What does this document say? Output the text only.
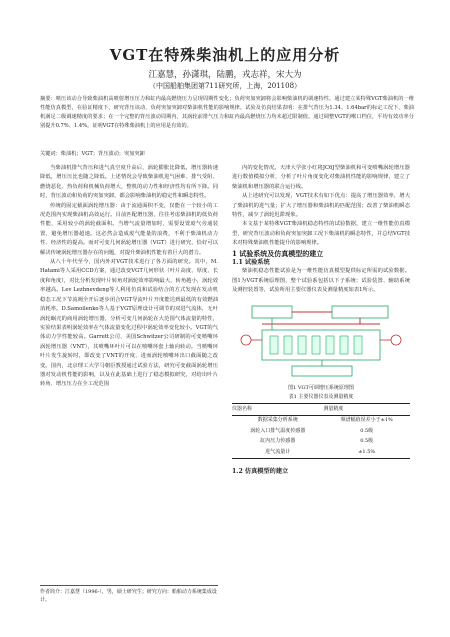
VGT在特殊柴油机上的应用分析
江嘉慧，孙潇琪，陆鹏，戎志祥，宋大为
（中国船舶集团第711研究所，上海，201108）
摘要：喷压该动合导致柴油机高喷射增压压力和缸内最高燃烧压力呈现周期性变化；负荷突加突卸将会影响柴油机的调速特性。通过建立某特殊VGT柴油机的一维性能仿真模型，在验证精度下，研究背压该动、负荷突加突卸对柴油机性能的影响规律。试验及仿真结果表明：在排气背压为1.34、1.64bar的标定工况下，柴油机满足二级调速精度的要求；在一个完整的背压波动周期内，其涡轮前排气压力和缸内最高燃烧压力均未超过限制值。通过调整VGT的喉口档位，平均有效功率分别提升0.7%、1.4%。证明VGT在特殊柴油机上的应用是有效的。
关键词：柴油机；VGT；背压波动；突加突卸

当柴油机排气背压和进气真空度升高后，涡轮膨胀比降低，增压器转速降低，增压压比也随之降低。上述情况会导致柴油机进气困难、排气受阻、燃烧恶化、热负荷和机械负荷增大，整机的动力性和经济性均有所下降。同时，背压波动和负荷的突加突卸，都会影响柴油机的稳定性和瞬态特性。

传统的固定截面涡轮增压器：由于流通面积不变，仅能在一个较小的工况范围内实现柴油机高效运行。目前匹配增压器，往往考虑柴油机的低负荷性能，采用较小的涡轮截面积。当增气流量增加时，需要设置废气旁通装置，避免增压器超速。这必然会造成废气能量的浪费，不利于柴油机动力性、经济性的提高。而对可变几何涡轮增压器（VGT）进行研究，恰好可以解决传统涡轮增压器存在的问题，对提升柴油机性能有着巨大的潜力。

从八十年代至今，国内外对VGT技术进行了各方面的研究。其中，M. Hatami等人采用CCD方案，通过改变VGT几何形状（叶片高度、厚度、长度和角度），对比分析发现叶片转角对涡轮效率影响最大，转角越小，涡轮效率越高。Lev Lezhnevdeng等人利用仿真和试验结合的方式发现在发动机稳态工况下节流阀全开后逐步闭合VGT导流叶片开度能达到最低的有效燃油消耗率。D.Samoilenko等人基于VGT原理设计可调节的双进气流体，无叶涡轮蜗壳的商用涡轮增压器，分析可变几何涡轮在大范围气体流量的特性，实验结果表明涡轮效率在气体流量变化过程中涡轮效率变化较小。VGT的气体动力学性能较高。Garrett公司、美国Schwitzer公司研制的可变喷嘴环涡轮增压器（VNT），其喷嘴环叶片可以在喷嘴环套上轴向转动。当喷嘴环叶片发生旋转时，即改变了VNT的开度，进而涡轮喷嘴环出口截面随之改变。国内，北京理工大学马朝臣教授通过试验方法，研究可变截面涡轮增压器对发动机性能的影响，以及在此基础上进行了稳态模拟研究，对给出叶片转角、增压压力在全工况范围

内的变化情况。天津大学张小红将JC6J型柴油机和可变喷嘴涡轮增压器进行数值模拟分析，分析了叶片角度变化对柴油机性能的影响规律，建立了柴油机和增压器的联合运行线。

从上述研究可以发现，VGT技术有如下优点：提高了增压器效率，增大了柴油机的进气量；扩大了增压器和柴油机的匹配范围；改善了柴油机瞬态特性，减少了涡轮迟滞现象。

本文基于某特殊VGT柴油机稳态特性的试验数据，建立一维性能仿真模型，研究背压波动和负荷突加突卸工况下柴油机的瞬态特性，并总结VGT技术对特殊柴油机性能提升的影响规律。

1 试验系统及仿真模型的建立

1.1 试验系统

柴油机稳态性能试验是为一维性能仿真模型提供标定所需的试验数据。图1为VGT系统原理图，整个试验系包括以下子系统：试验装置、辅助系统及测控装置等，试验所用主要仪器仪表及测量精度如表1所示。

图1 VGT可调增压系统原理图

表1 主要仪器仪表及测量精度

仪器名称	测量精度
数据采集分析系统	频谱幅值误差小于±1%
涡轮入口排气温度传感器	0.5级
缸内压力传感器	0.5级
进气流量计	±1.5%

1.2 仿真模型的建立

作者简介：江嘉慧（1996-），男，硕士研究生；研究方向：船舶动力系统集成设计。
